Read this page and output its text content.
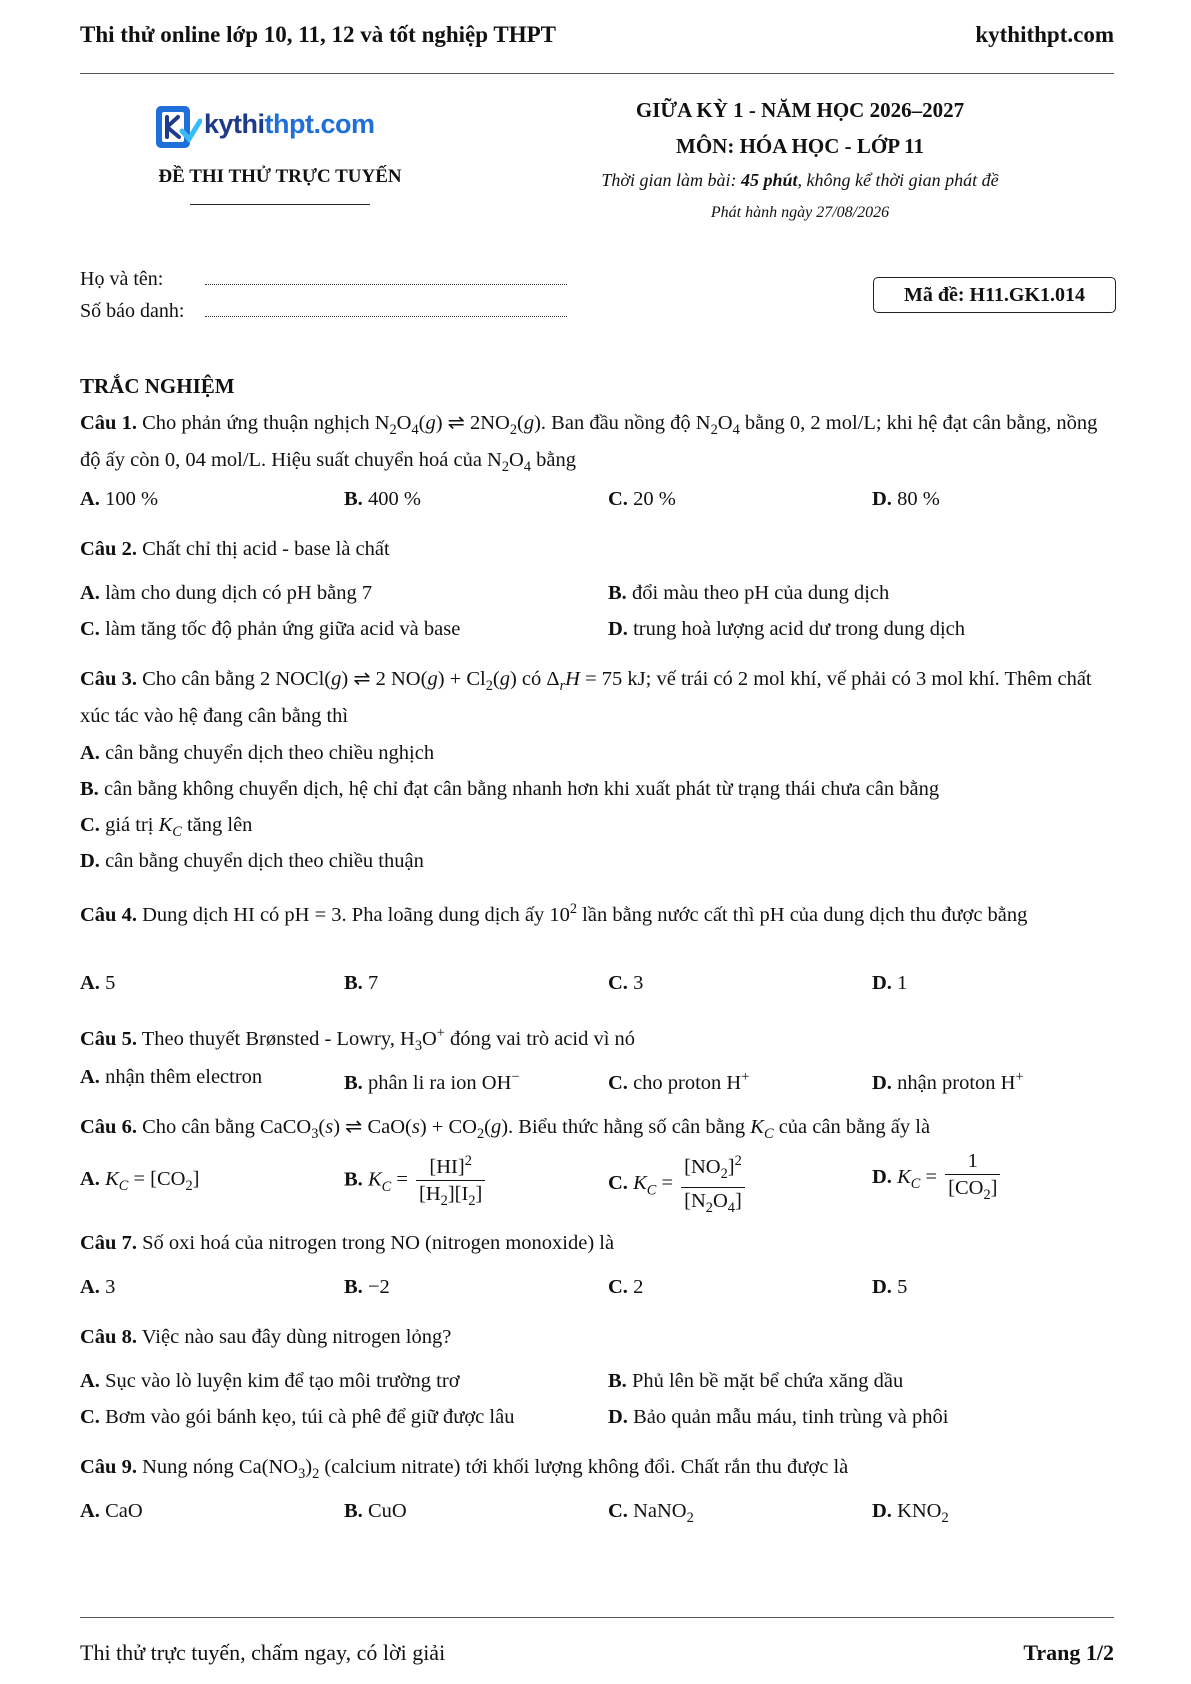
Thi thử online lớp 10, 11, 12 và tốt nghiệp THPT	kythithpt.com
kythithpt.com
ĐỀ THI THỬ TRỰC TUYẾN
GIỮA KỲ 1 - NĂM HỌC 2026–2027
MÔN: HÓA HỌC - LỚP 11
Thời gian làm bài: 45 phút, không kể thời gian phát đề
Phát hành ngày 27/08/2026
Họ và tên:
Số báo danh:
Mã đề: H11.GK1.014
TRẮC NGHIỆM
Câu 1. Cho phản ứng thuận nghịch $N_2O_4(g)$ ⇌ $2NO_2(g)$. Ban đầu nồng độ $N_2O_4$ bằng 0, 2 mol/L; khi hệ đạt cân bằng, nồng độ ấy còn 0, 04 mol/L. Hiệu suất chuyển hoá của $N_2O_4$ bằng
A. 100 %	B. 400 %	C. 20 %	D. 80 %
Câu 2. Chất chỉ thị acid - base là chất
A. làm cho dung dịch có pH bằng 7	B. đổi màu theo pH của dung dịch
C. làm tăng tốc độ phản ứng giữa acid và base	D. trung hoà lượng acid dư trong dung dịch
Câu 3. Cho cân bằng 2 NOCl(g) ⇌ 2 $NO(g) + Cl_2(g)$ có $\Delta_rH = 75$ kJ; vế trái có 2 mol khí, vế phải có 3 mol khí. Thêm chất xúc tác vào hệ đang cân bằng thì
A. cân bằng chuyển dịch theo chiều nghịch
B. cân bằng không chuyển dịch, hệ chỉ đạt cân bằng nhanh hơn khi xuất phát từ trạng thái chưa cân bằng
C. giá trị $K_C$ tăng lên
D. cân bằng chuyển dịch theo chiều thuận
Câu 4. Dung dịch HI có pH = 3. Pha loãng dung dịch ấy $10^2$ lần bằng nước cất thì pH của dung dịch thu được bằng
A. 5	B. 7	C. 3	D. 1
Câu 5. Theo thuyết Brønsted - Lowry, $H_3O^+$ đóng vai trò acid vì nó
A. nhận thêm electron	B. phân li ra ion OH−	C. cho proton H+	D. nhận proton H+
Câu 6. Cho cân bằng CaCO$_3$(s) ⇌ $CaO(s) + CO_2(g)$. Biểu thức hằng số cân bằng $K_C$ của cân bằng ấy là
A. $K_C = [CO_2]$	B. $K_C = \frac{[HI]^2}{[H_2][I_2]}$	C. $K_C = \frac{[NO_2]^2}{[N_2O_4]}$	D. $K_C = \frac{1}{[CO_2]}$
Câu 7. Số oxi hoá của nitrogen trong NO (nitrogen monoxide) là
A. 3	B. −2	C. 2	D. 5
Câu 8. Việc nào sau đây dùng nitrogen lỏng?
A. Sục vào lò luyện kim để tạo môi trường trơ	B. Phủ lên bề mặt bể chứa xăng dầu
C. Bơm vào gói bánh kẹo, túi cà phê để giữ được lâu	D. Bảo quản mẫu máu, tinh trùng và phôi
Câu 9. Nung nóng $Ca(NO_3)_2$ (calcium nitrate) tới khối lượng không đổi. Chất rắn thu được là
A. CaO	B. CuO	C. NaNO$_2$	D. $KNO_2$
Thi thử trực tuyến, chấm ngay, có lời giải	Trang 1/2
